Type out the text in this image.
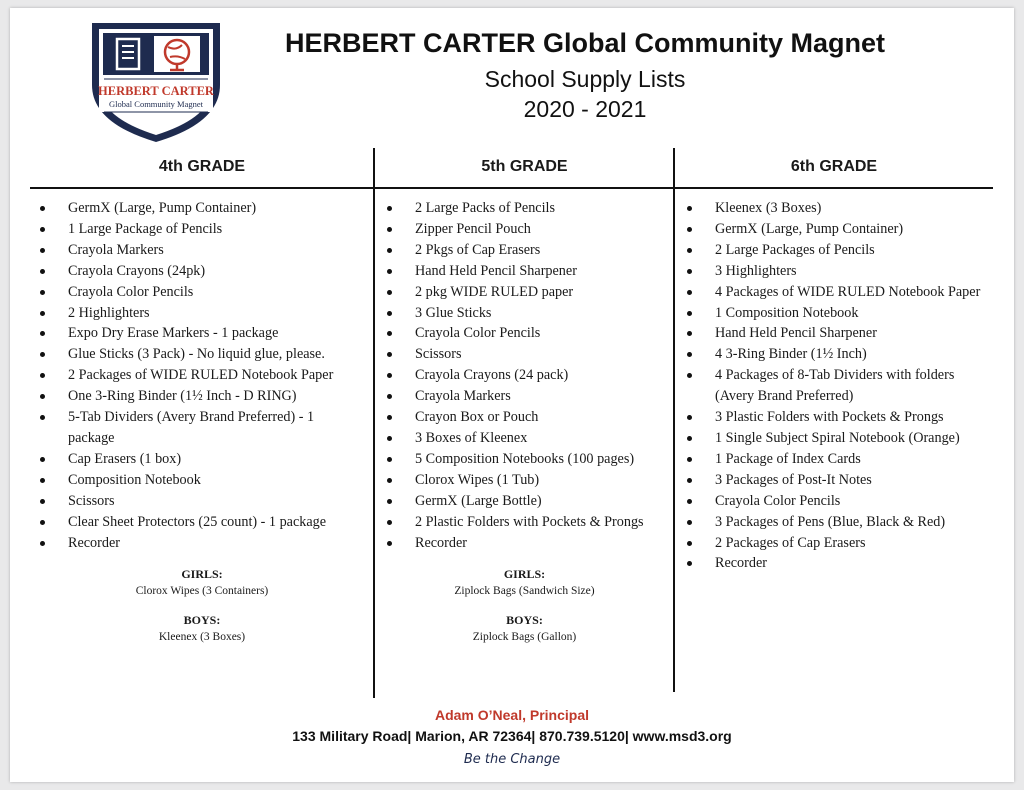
HERBERT CARTER
Global Community Magnet
EST. 2018
HERBERT CARTER Global Community Magnet
School Supply Lists
2020 - 2021
4th GRADE	5th GRADE	6th GRADE
GermX (Large, Pump Container)
1 Large Package of Pencils
Crayola Markers
Crayola Crayons (24pk)
Crayola Color Pencils
2 Highlighters
Expo Dry Erase Markers - 1 package
Glue Sticks (3 Pack) - No liquid glue, please.
2 Packages of WIDE RULED Notebook Paper
One 3-Ring Binder (1½ Inch - D RING)
5-Tab Dividers (Avery Brand Preferred) - 1 package
Cap Erasers (1 box)
Composition Notebook
Scissors
Clear Sheet Protectors (25 count) - 1 package
Recorder
2 Large Packs of Pencils
Zipper Pencil Pouch
2 Pkgs of Cap Erasers
Hand Held Pencil Sharpener
2 pkg WIDE RULED paper
3 Glue Sticks
Crayola Color Pencils
Scissors
Crayola Crayons (24 pack)
Crayola Markers
Crayon Box or Pouch
3 Boxes of Kleenex
5 Composition Notebooks (100 pages)
Clorox Wipes (1 Tub)
GermX (Large Bottle)
2 Plastic Folders with Pockets & Prongs
Recorder
Kleenex (3 Boxes)
GermX (Large, Pump Container)
2 Large Packages of Pencils
3 Highlighters
4 Packages of WIDE RULED Notebook Paper
1 Composition Notebook
Hand Held Pencil Sharpener
4 3-Ring Binder (1½ Inch)
4 Packages of 8-Tab Dividers with folders (Avery Brand Preferred)
3 Plastic Folders with Pockets & Prongs
1 Single Subject Spiral Notebook (Orange)
1 Package of Index Cards
3 Packages of Post-It Notes
Crayola Color Pencils
3 Packages of Pens (Blue, Black & Red)
2 Packages of Cap Erasers
Recorder
GIRLS:
Clorox Wipes (3 Containers)
BOYS:
Kleenex (3 Boxes)
GIRLS:
Ziplock Bags (Sandwich Size)
BOYS:
Ziplock Bags (Gallon)
Adam O’Neal, Principal
133 Military Road| Marion, AR 72364| 870.739.5120| www.msd3.org
Be the Change
